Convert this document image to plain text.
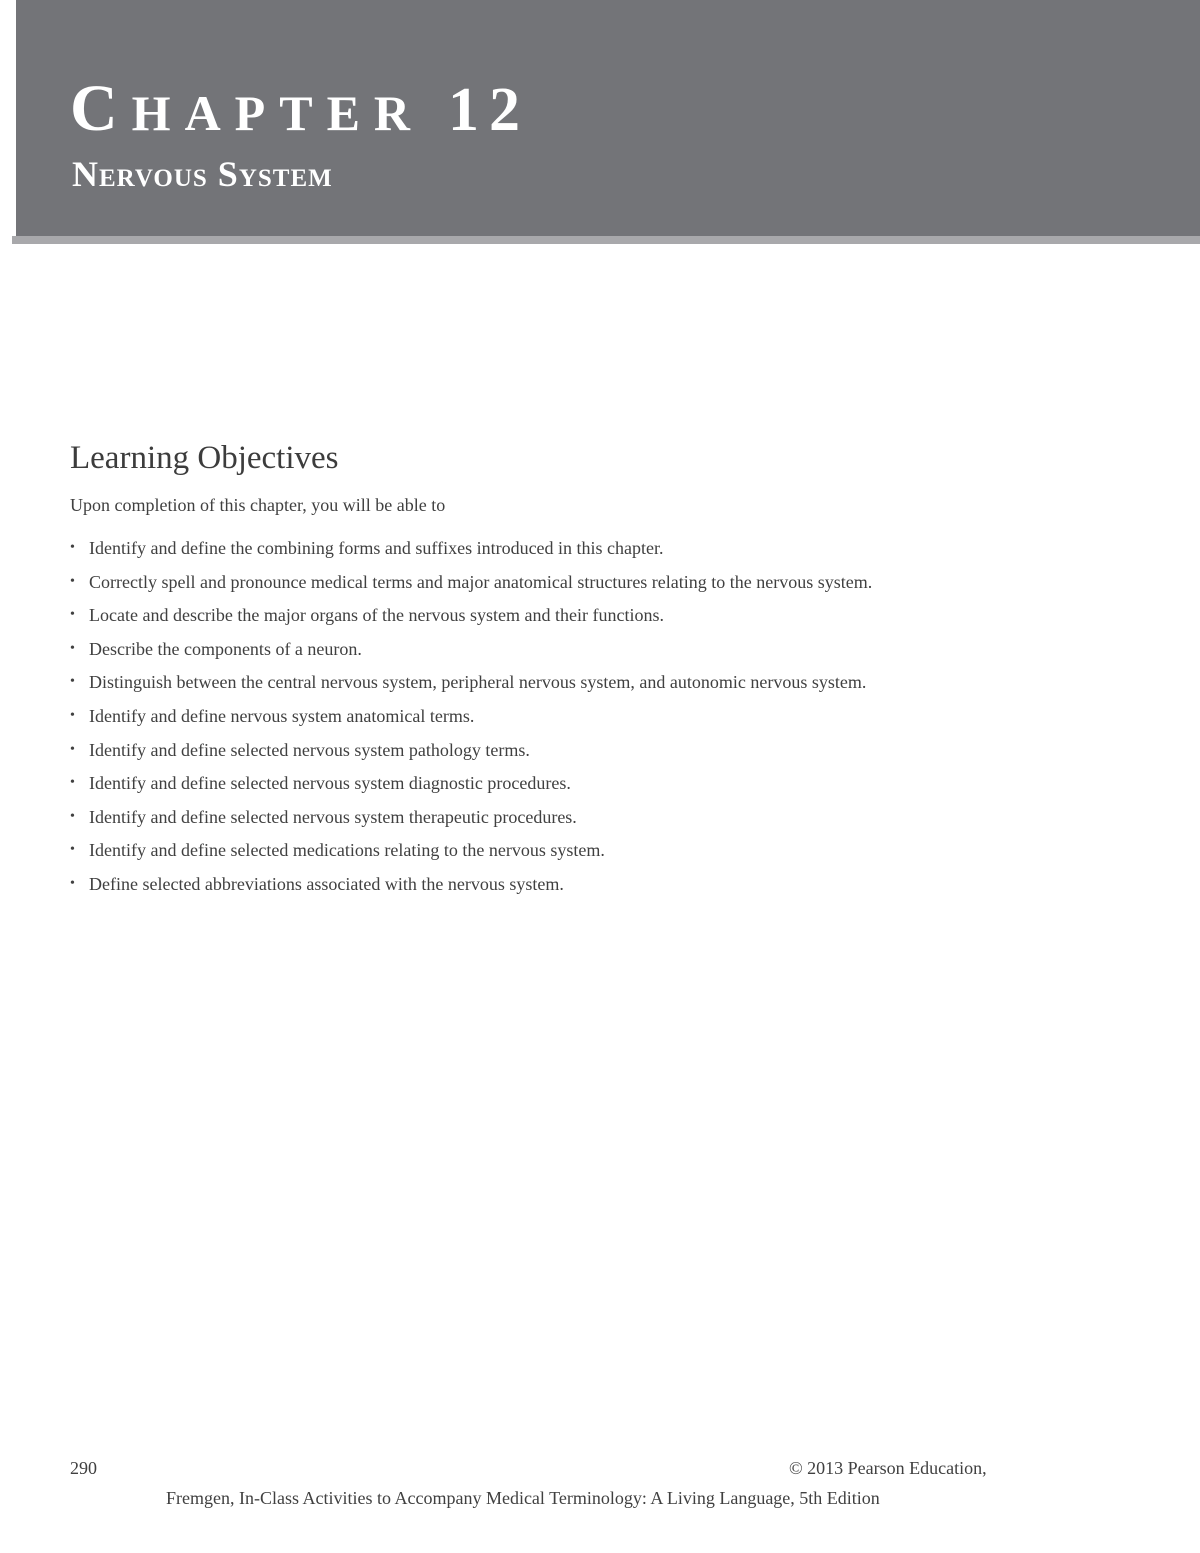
CHAPTER 12
Nervous System
Learning Objectives

Upon completion of this chapter, you will be able to

• Identify and define the combining forms and suffixes introduced in this chapter.
• Correctly spell and pronounce medical terms and major anatomical structures relating to the nervous system.
• Locate and describe the major organs of the nervous system and their functions.
• Describe the components of a neuron.
• Distinguish between the central nervous system, peripheral nervous system, and autonomic nervous system.
• Identify and define nervous system anatomical terms.
• Identify and define selected nervous system pathology terms.
• Identify and define selected nervous system diagnostic procedures.
• Identify and define selected nervous system therapeutic procedures.
• Identify and define selected medications relating to the nervous system.
• Define selected abbreviations associated with the nervous system.
290	© 2013 Pearson Education,
Fremgen, In-Class Activities to Accompany Medical Terminology: A Living Language, 5th Edition
